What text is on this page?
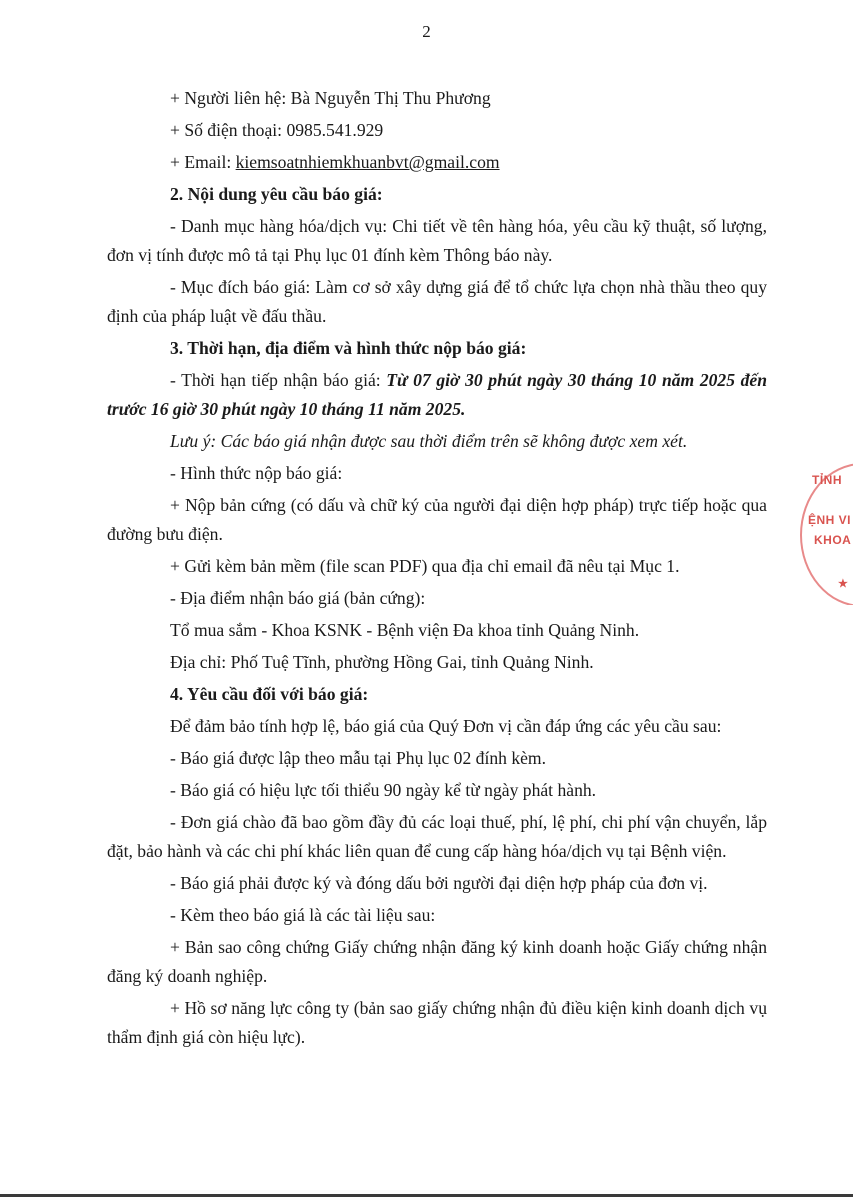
2

+ Người liên hệ: Bà Nguyễn Thị Thu Phương

+ Số điện thoại: 0985.541.929

+ Email: kiemsoatnhiemkhuanbvt@gmail.com

2. Nội dung yêu cầu báo giá:

- Danh mục hàng hóa/dịch vụ: Chi tiết về tên hàng hóa, yêu cầu kỹ thuật, số lượng, đơn vị tính được mô tả tại Phụ lục 01 đính kèm Thông báo này.

- Mục đích báo giá: Làm cơ sở xây dựng giá để tổ chức lựa chọn nhà thầu theo quy định của pháp luật về đấu thầu.

3. Thời hạn, địa điểm và hình thức nộp báo giá:

- Thời hạn tiếp nhận báo giá: Từ 07 giờ 30 phút ngày 30 tháng 10 năm 2025 đến trước 16 giờ 30 phút ngày 10 tháng 11 năm 2025.

Lưu ý: Các báo giá nhận được sau thời điểm trên sẽ không được xem xét.

- Hình thức nộp báo giá:

+ Nộp bản cứng (có dấu và chữ ký của người đại diện hợp pháp) trực tiếp hoặc qua đường bưu điện.

+ Gửi kèm bản mềm (file scan PDF) qua địa chỉ email đã nêu tại Mục 1.

- Địa điểm nhận báo giá (bản cứng):

Tổ mua sắm - Khoa KSNK - Bệnh viện Đa khoa tỉnh Quảng Ninh.

Địa chỉ: Phố Tuệ Tĩnh, phường Hồng Gai, tỉnh Quảng Ninh.

4. Yêu cầu đối với báo giá:

Để đảm bảo tính hợp lệ, báo giá của Quý Đơn vị cần đáp ứng các yêu cầu sau:

- Báo giá được lập theo mẫu tại Phụ lục 02 đính kèm.

- Báo giá có hiệu lực tối thiểu 90 ngày kể từ ngày phát hành.

- Đơn giá chào đã bao gồm đầy đủ các loại thuế, phí, lệ phí, chi phí vận chuyển, lắp đặt, bảo hành và các chi phí khác liên quan để cung cấp hàng hóa/dịch vụ tại Bệnh viện.

- Báo giá phải được ký và đóng dấu bởi người đại diện hợp pháp của đơn vị.

- Kèm theo báo giá là các tài liệu sau:

+ Bản sao công chứng Giấy chứng nhận đăng ký kinh doanh hoặc Giấy chứng nhận đăng ký doanh nghiệp.

+ Hồ sơ năng lực công ty (bản sao giấy chứng nhận đủ điều kiện kinh doanh dịch vụ thẩm định giá còn hiệu lực).

TỈNH
ỆNH VI
KHOA
★
